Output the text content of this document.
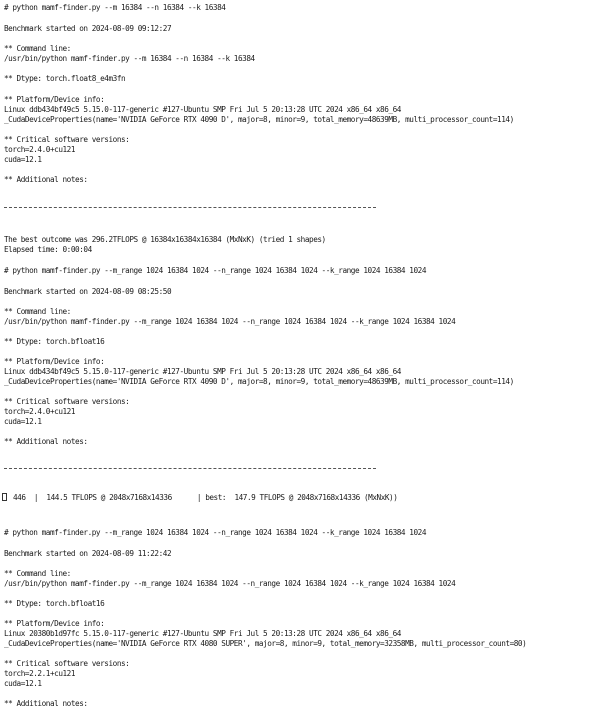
# python mamf-finder.py --m 16384 --n 16384 --k 16384

Benchmark started on 2024-08-09 09:12:27

** Command line:

/usr/bin/python mamf-finder.py --m 16384 --n 16384 --k 16384

** Dtype: torch.float8_e4m3fn

** Platform/Device info:

Linux ddb434bf49c5 5.15.0-117-generic #127-Ubuntu SMP Fri Jul 5 20:13:28 UTC 2024 x86_64 x86_64

_CudaDeviceProperties(name='NVIDIA GeForce RTX 4090 D', major=8, minor=9, total_memory=48639MB, multi_processor_count=114)

** Critical software versions:

torch=2.4.0+cu121

cuda=12.1

** Additional notes:

The best outcome was 296.2TFLOPS @ 16384x16384x16384 (MxNxK) (tried 1 shapes)

Elapsed time: 0:00:04

# python mamf-finder.py --m_range 1024 16384 1024 --n_range 1024 16384 1024 --k_range 1024 16384 1024

Benchmark started on 2024-08-09 08:25:50

** Command line:

/usr/bin/python mamf-finder.py --m_range 1024 16384 1024 --n_range 1024 16384 1024 --k_range 1024 16384 1024

** Dtype: torch.bfloat16

** Platform/Device info:

Linux ddb434bf49c5 5.15.0-117-generic #127-Ubuntu SMP Fri Jul 5 20:13:28 UTC 2024 x86_64 x86_64

_CudaDeviceProperties(name='NVIDIA GeForce RTX 4090 D', major=8, minor=9, total_memory=48639MB, multi_processor_count=114)

** Critical software versions:

torch=2.4.0+cu121

cuda=12.1

** Additional notes:

446  |  144.5 TFLOPS @ 2048x7168x14336      | best:  147.9 TFLOPS @ 2048x7168x14336 (MxNxK))

# python mamf-finder.py --m_range 1024 16384 1024 --n_range 1024 16384 1024 --k_range 1024 16384 1024

Benchmark started on 2024-08-09 11:22:42

** Command line:

/usr/bin/python mamf-finder.py --m_range 1024 16384 1024 --n_range 1024 16384 1024 --k_range 1024 16384 1024

** Dtype: torch.bfloat16

** Platform/Device info:

Linux 20380b1d97fc 5.15.0-117-generic #127-Ubuntu SMP Fri Jul 5 20:13:28 UTC 2024 x86_64 x86_64

_CudaDeviceProperties(name='NVIDIA GeForce RTX 4080 SUPER', major=8, minor=9, total_memory=32358MB, multi_processor_count=80)

** Critical software versions:

torch=2.2.1+cu121

cuda=12.1

** Additional notes:
